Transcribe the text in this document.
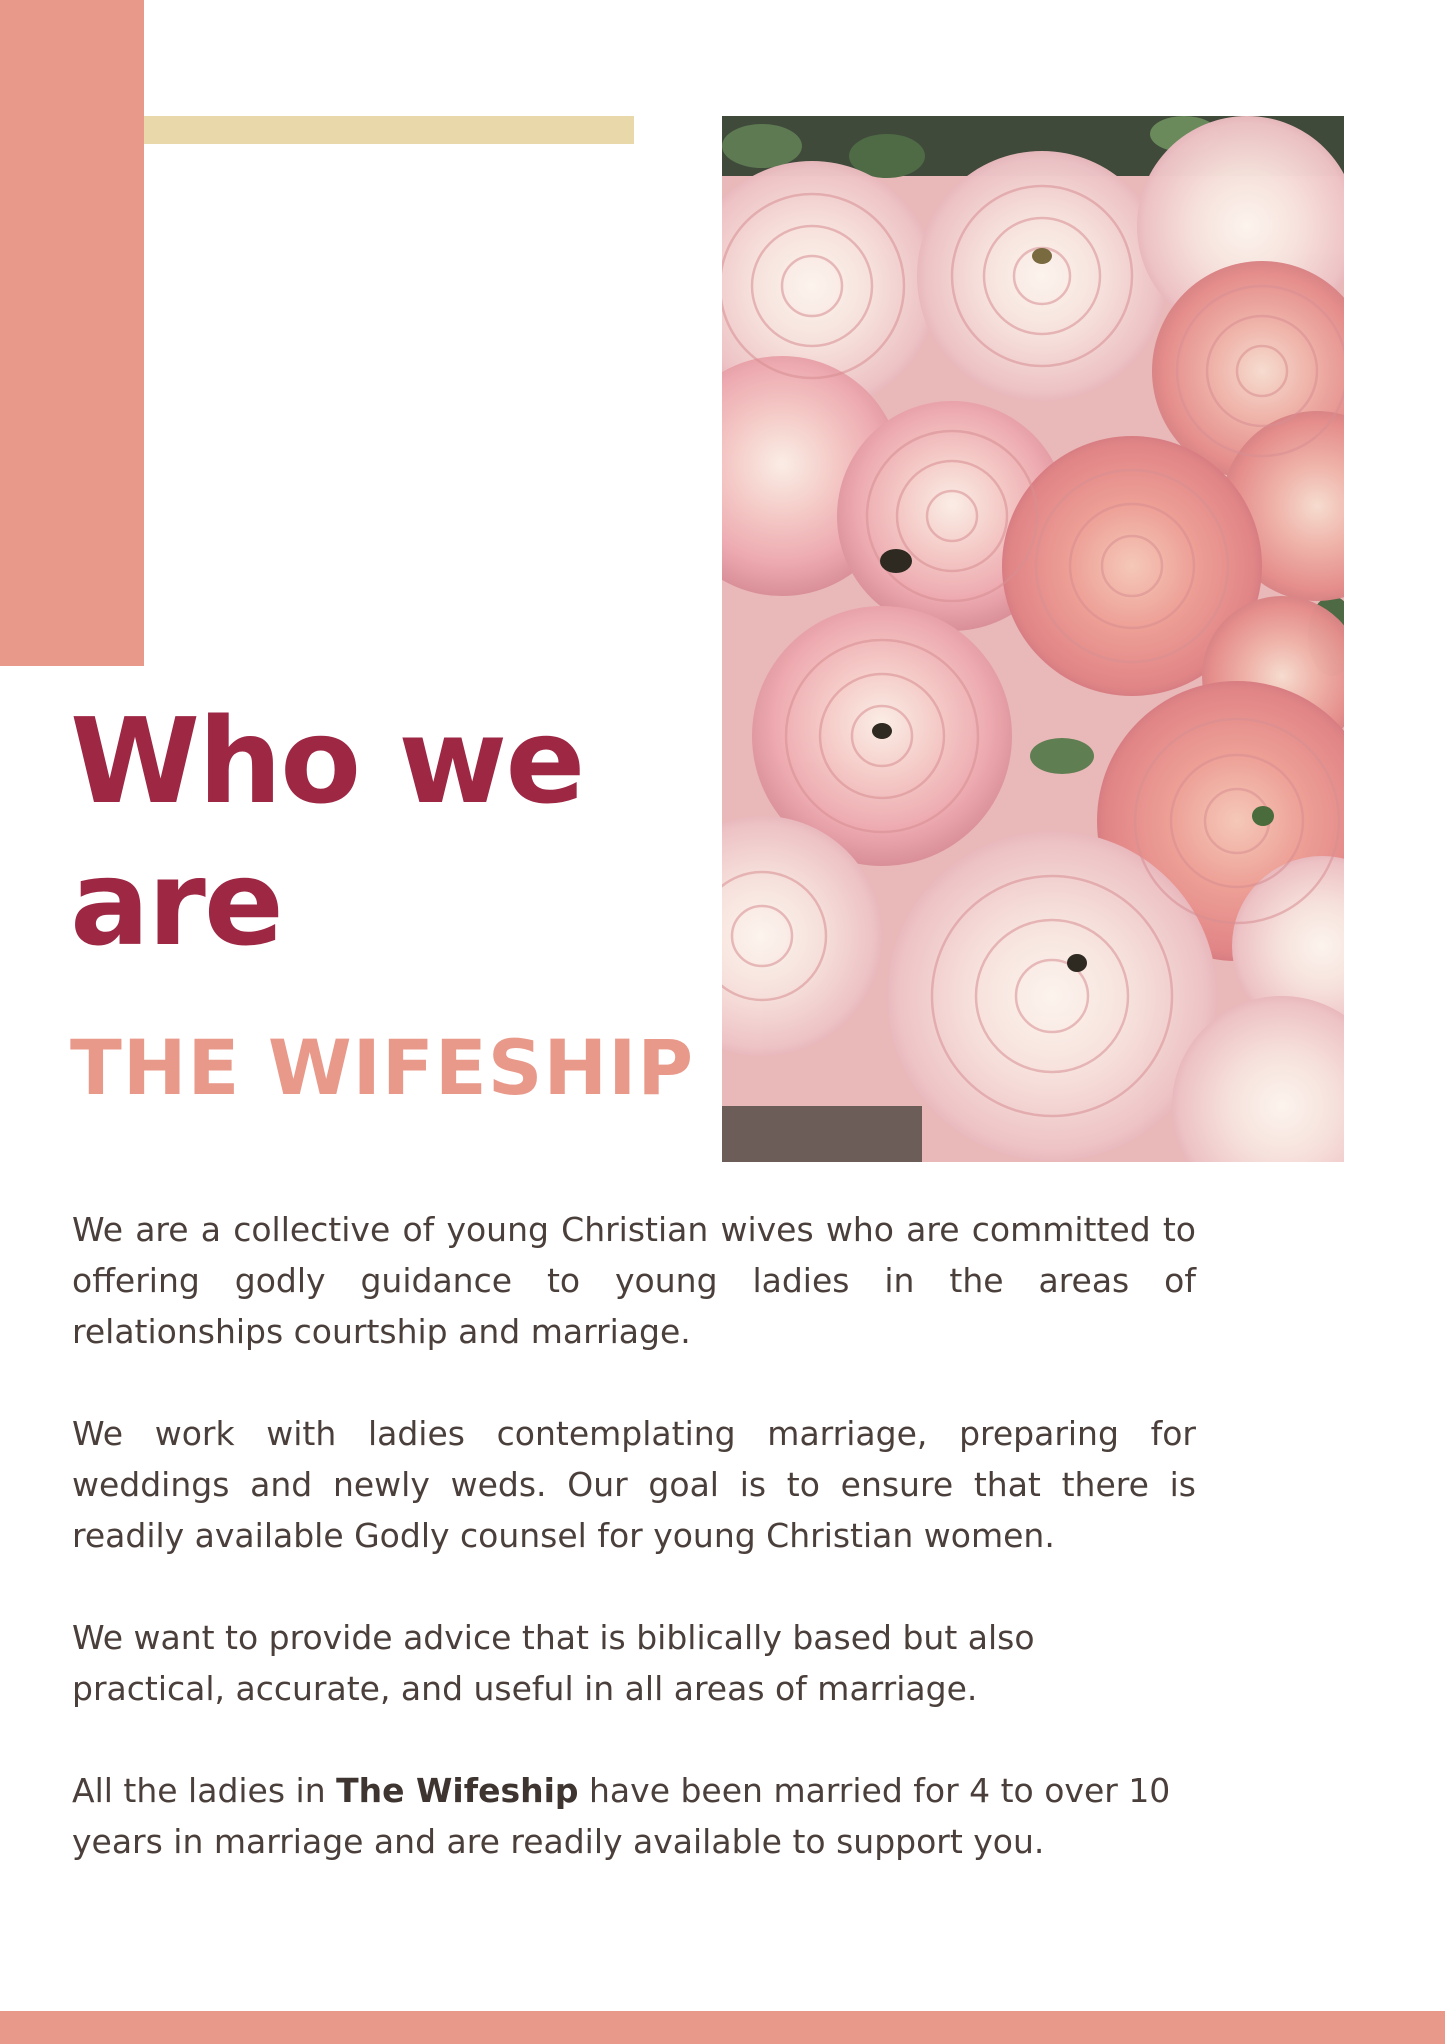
Who we are
THE WIFESHIP

We are a collective of young Christian wives who are committed to offering godly guidance to young ladies in the areas of relationships courtship and marriage.

We work with ladies contemplating marriage, preparing for weddings and newly weds. Our goal is to ensure that there is readily available Godly counsel for young Christian women.

We want to provide advice that is biblically based but also practical, accurate, and useful in all areas of marriage.

All the ladies in The Wifeship have been married for 4 to over 10 years in marriage and are readily available to support you.
